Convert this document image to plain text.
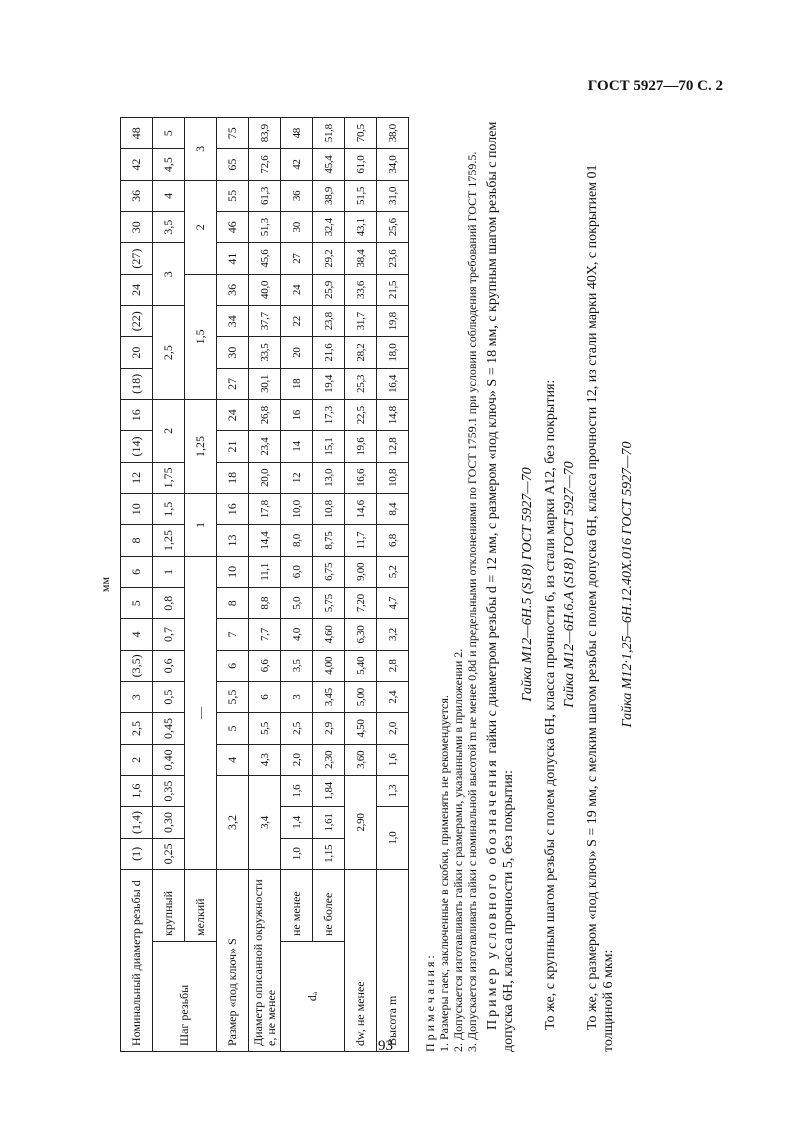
ГОСТ 5927—70 С. 2
мм
Номинальный диаметр резьбы d		(1)	(1,4)	1,6	2	2,5	3	(3,5)	4	5	6	8	10	12	(14)	16	(18)	20	(22)	24	(27)	30	36	42	48
Шаг резьбы	крупный	0,25	0,30	0,35	0,40	0,45	0,5	0,6	0,7	0,8	1	1,25	1,5	1,75	2		2,5			3		3,5	4	4,5	5
	мелкий	—										1		1,25			1,5				2			3	
Размер «под ключ» S		3,2			4	5	5,5	6	7	8	10	13	16	18	21	24	27	30	34	36	41	46	55	65	75
Диаметр описанной окружности e, не менее		3,4			4,3	5,5	6	6,6	7,7	8,8	11,1	14,4	17,8	20,0	23,4	26,8	30,1	33,5	37,7	40,0	45,6	51,3	61,3	72,6	83,9
dₐ	не менее	1,0	1,4	1,6	2,0	2,5	3	3,5	4,0	5,0	6,0	8,0	10,0	12	14	16	18	20	22	24	27	30	36	42	48
	не более	1,15	1,61	1,84	2,30	2,9	3,45	4,00	4,60	5,75	6,75	8,75	10,8	13,0	15,1	17,3	19,4	21,6	23,8	25,9	29,2	32,4	38,9	45,4	51,8
dw, не менее		2,90			3,60	4,50	5,00	5,40	6,30	7,20	9,00	11,7	14,6	16,6	19,6	22,5	25,3	28,2	31,7	33,6	38,4	43,1	51,5	61,0	70,5
Высота m		1,0		1,3	1,6	2,0	2,4	2,8	3,2	4,7	5,2	6,8	8,4	10,8	12,8	14,8	16,4	18,0	19,8	21,5	23,6	25,6	31,0	34,0	38,0

Примечания: 1. Размеры гаек, заключенные в скобки, применять не рекомендуется. 2. Допускается изготавливать гайки с размерами, указанными в приложении 2. 3. Допускается изготавливать гайки с номинальной высотой m не менее 0,8d и предельными отклонениями по ГОСТ 1759.1 при условии соблюдения требований ГОСТ 1759.5. Пример условного обозначения гайки с диаметром резьбы d = 12 мм, с размером «под ключ» S = 18 мм, с крупным шагом резьбы с полем допуска 6H, класса прочности 5, без покрытия:

Гайка М12—6Н.5 (S18) ГОСТ 5927—70 То же, с крупным шагом резьбы с полем допуска 6H, класса прочности 6, из стали марки А12, без покрытия: Гайка М12—6Н.6.А (S18) ГОСТ 5927—70 То же, с размером «под ключ» S = 19 мм, с мелким шагом резьбы с полем допуска 6H, класса прочности 12, из стали марки 40Х, с покрытием 01 толщиной 6 мкм:

Гайка М12·1,25—6Н.12.40Х.016 ГОСТ 5927—70
93
